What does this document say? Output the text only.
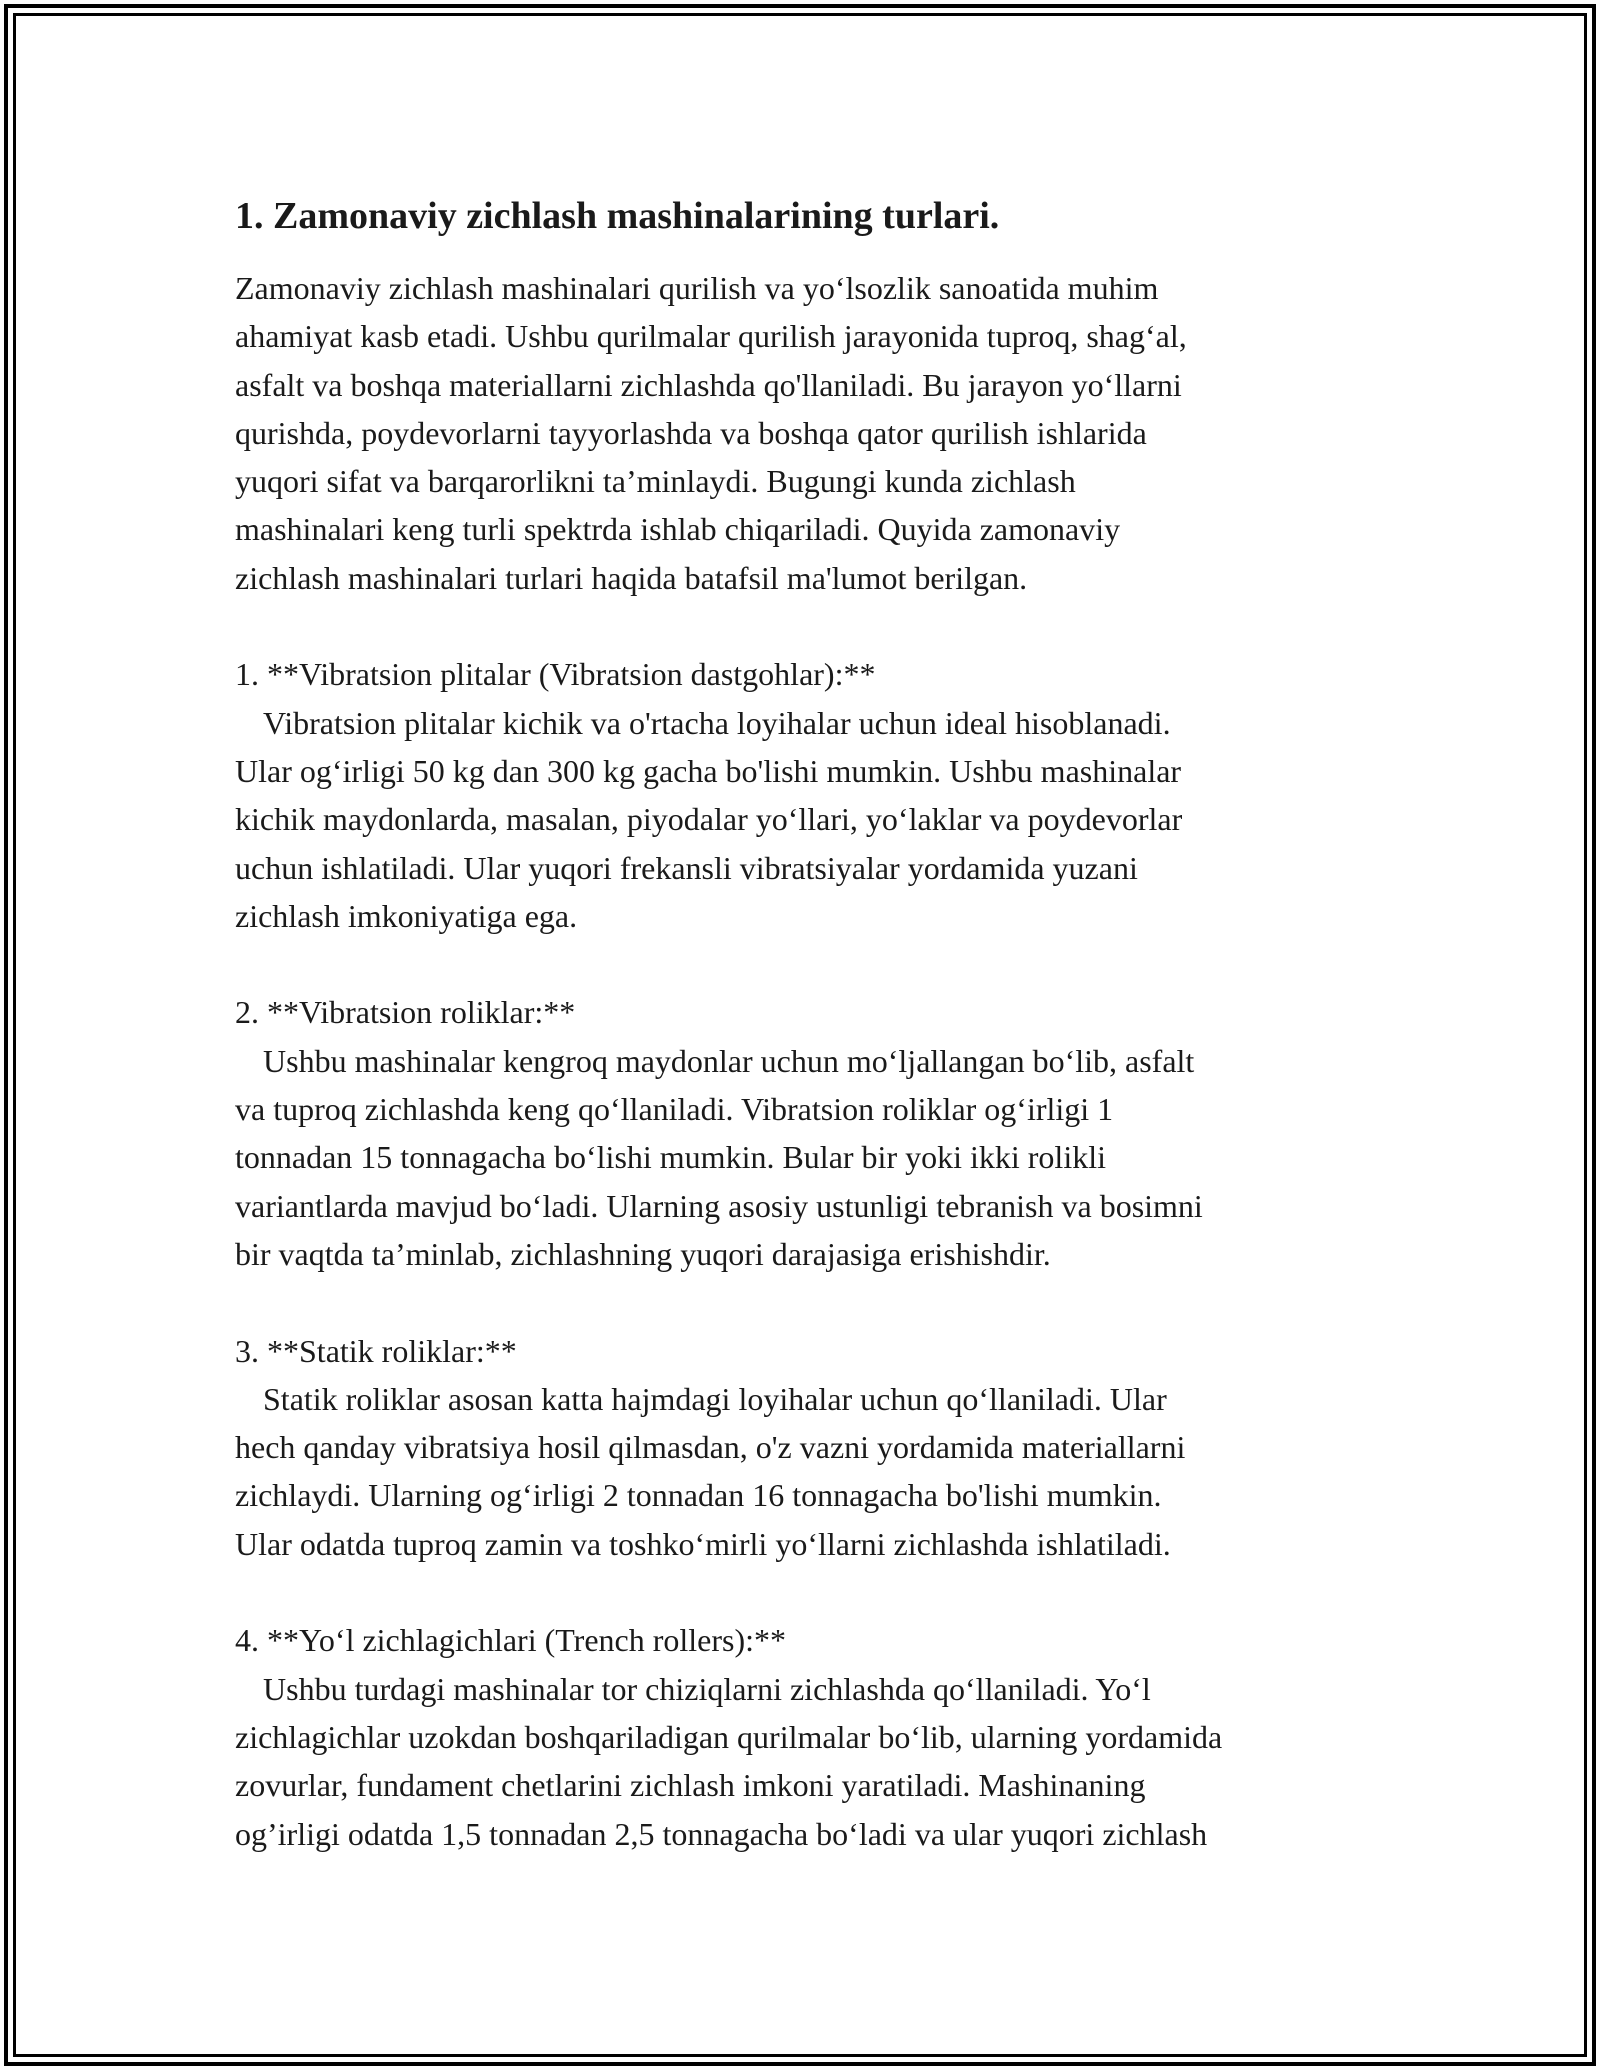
1. Zamonaviy zichlash mashinalarining turlari.
Zamonaviy zichlash mashinalari qurilish va yo‘lsozlik sanoatida muhim
ahamiyat kasb etadi. Ushbu qurilmalar qurilish jarayonida tuproq, shag‘al,
asfalt va boshqa materiallarni zichlashda qo'llaniladi. Bu jarayon yo‘llarni
qurishda, poydevorlarni tayyorlashda va boshqa qator qurilish ishlarida
yuqori sifat va barqarorlikni ta’minlaydi. Bugungi kunda zichlash
mashinalari keng turli spektrda ishlab chiqariladi. Quyida zamonaviy
zichlash mashinalari turlari haqida batafsil ma'lumot berilgan.
1. **Vibratsion plitalar (Vibratsion dastgohlar):**
Vibratsion plitalar kichik va o'rtacha loyihalar uchun ideal hisoblanadi.
Ular og‘irligi 50 kg dan 300 kg gacha bo'lishi mumkin. Ushbu mashinalar
kichik maydonlarda, masalan, piyodalar yo‘llari, yo‘laklar va poydevorlar
uchun ishlatiladi. Ular yuqori frekansli vibratsiyalar yordamida yuzani
zichlash imkoniyatiga ega.
2. **Vibratsion roliklar:**
Ushbu mashinalar kengroq maydonlar uchun mo‘ljallangan bo‘lib, asfalt
va tuproq zichlashda keng qo‘llaniladi. Vibratsion roliklar og‘irligi 1
tonnadan 15 tonnagacha bo‘lishi mumkin. Bular bir yoki ikki rolikli
variantlarda mavjud bo‘ladi. Ularning asosiy ustunligi tebranish va bosimni
bir vaqtda ta’minlab, zichlashning yuqori darajasiga erishishdir.
3. **Statik roliklar:**
Statik roliklar asosan katta hajmdagi loyihalar uchun qo‘llaniladi. Ular
hech qanday vibratsiya hosil qilmasdan, o'z vazni yordamida materiallarni
zichlaydi. Ularning og‘irligi 2 tonnadan 16 tonnagacha bo'lishi mumkin.
Ular odatda tuproq zamin va toshko‘mirli yo‘llarni zichlashda ishlatiladi.
4. **Yo‘l zichlagichlari (Trench rollers):**
Ushbu turdagi mashinalar tor chiziqlarni zichlashda qo‘llaniladi. Yo‘l
zichlagichlar uzokdan boshqariladigan qurilmalar bo‘lib, ularning yordamida
zovurlar, fundament chetlarini zichlash imkoni yaratiladi. Mashinaning
og’irligi odatda 1,5 tonnadan 2,5 tonnagacha bo‘ladi va ular yuqori zichlash
